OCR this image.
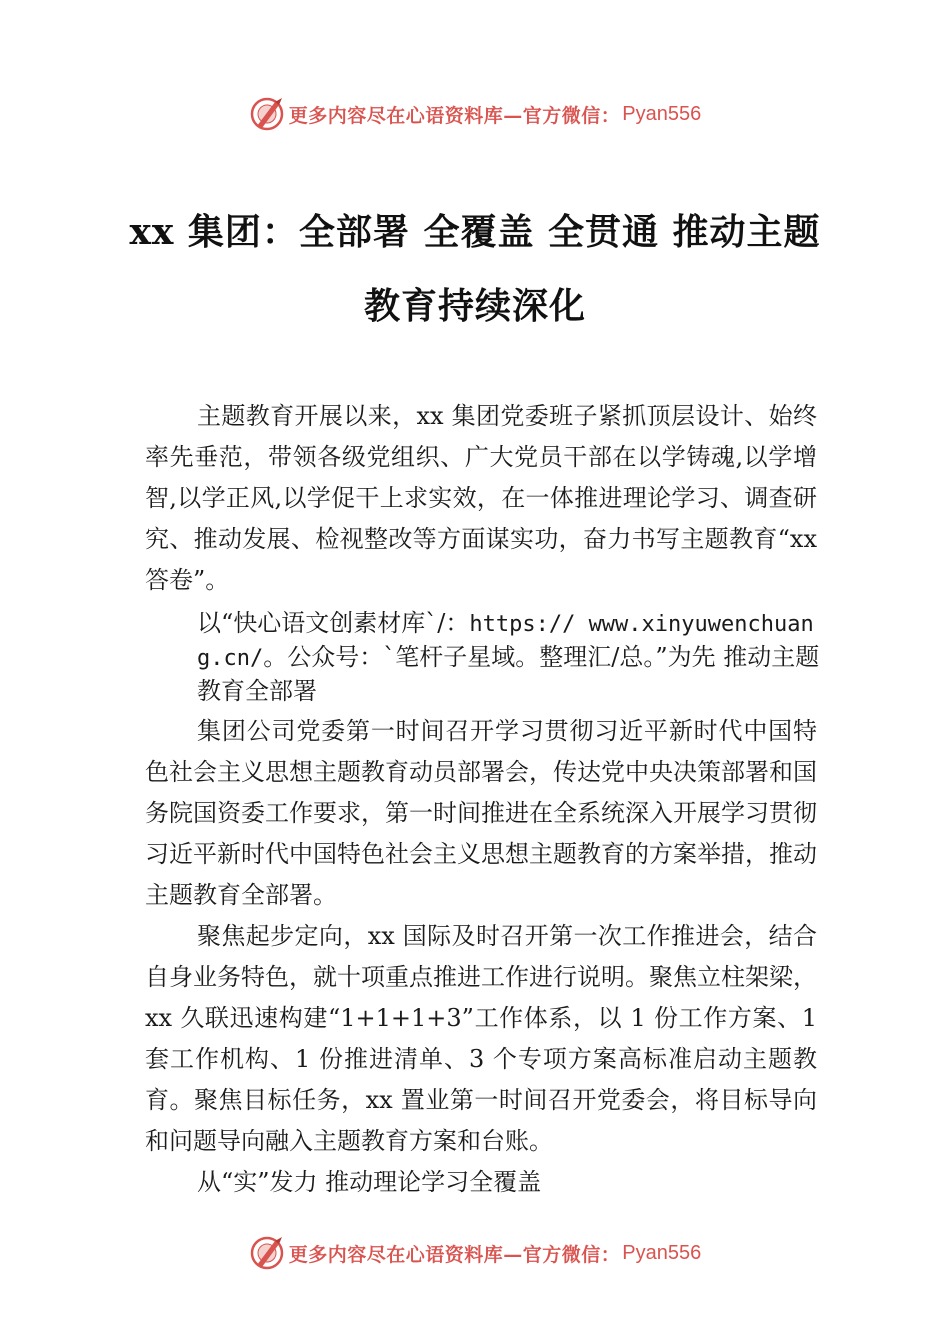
更多内容尽在心语资料库—官方微信： Pyan556
xx 集团：全部署 全覆盖 全贯通 推动主题
教育持续深化

主题教育开展以来，xx 集团党委班子紧抓顶层设计、始终率先垂范，带领各级党组织、广大党员干部在以学铸魂,以学增智,以学正风,以学促干上求实效，在一体推进理论学习、调查研究、推动发展、检视整改等方面谋实功，奋力书写主题教育“xx 答卷”。

以“快心语文创素材库`/：https:// www.xinyuwenchuang.cn/。公众号：`笔杆子星域。整理汇/总。”为先 推动主题教育全部署

集团公司党委第一时间召开学习贯彻习近平新时代中国特色社会主义思想主题教育动员部署会，传达党中央决策部署和国务院国资委工作要求，第一时间推进在全系统深入开展学习贯彻习近平新时代中国特色社会主义思想主题教育的方案举措，推动主题教育全部署。

聚焦起步定向，xx 国际及时召开第一次工作推进会，结合自身业务特色，就十项重点推进工作进行说明。聚焦立柱架梁，xx 久联迅速构建“1+1+1+3”工作体系，以 1 份工作方案、1 套工作机构、1 份推进清单、3 个专项方案高标准启动主题教育。聚焦目标任务，xx 置业第一时间召开党委会，将目标导向和问题导向融入主题教育方案和台账。

从“实”发力 推动理论学习全覆盖

更多内容尽在心语资料库—官方微信： Pyan556
